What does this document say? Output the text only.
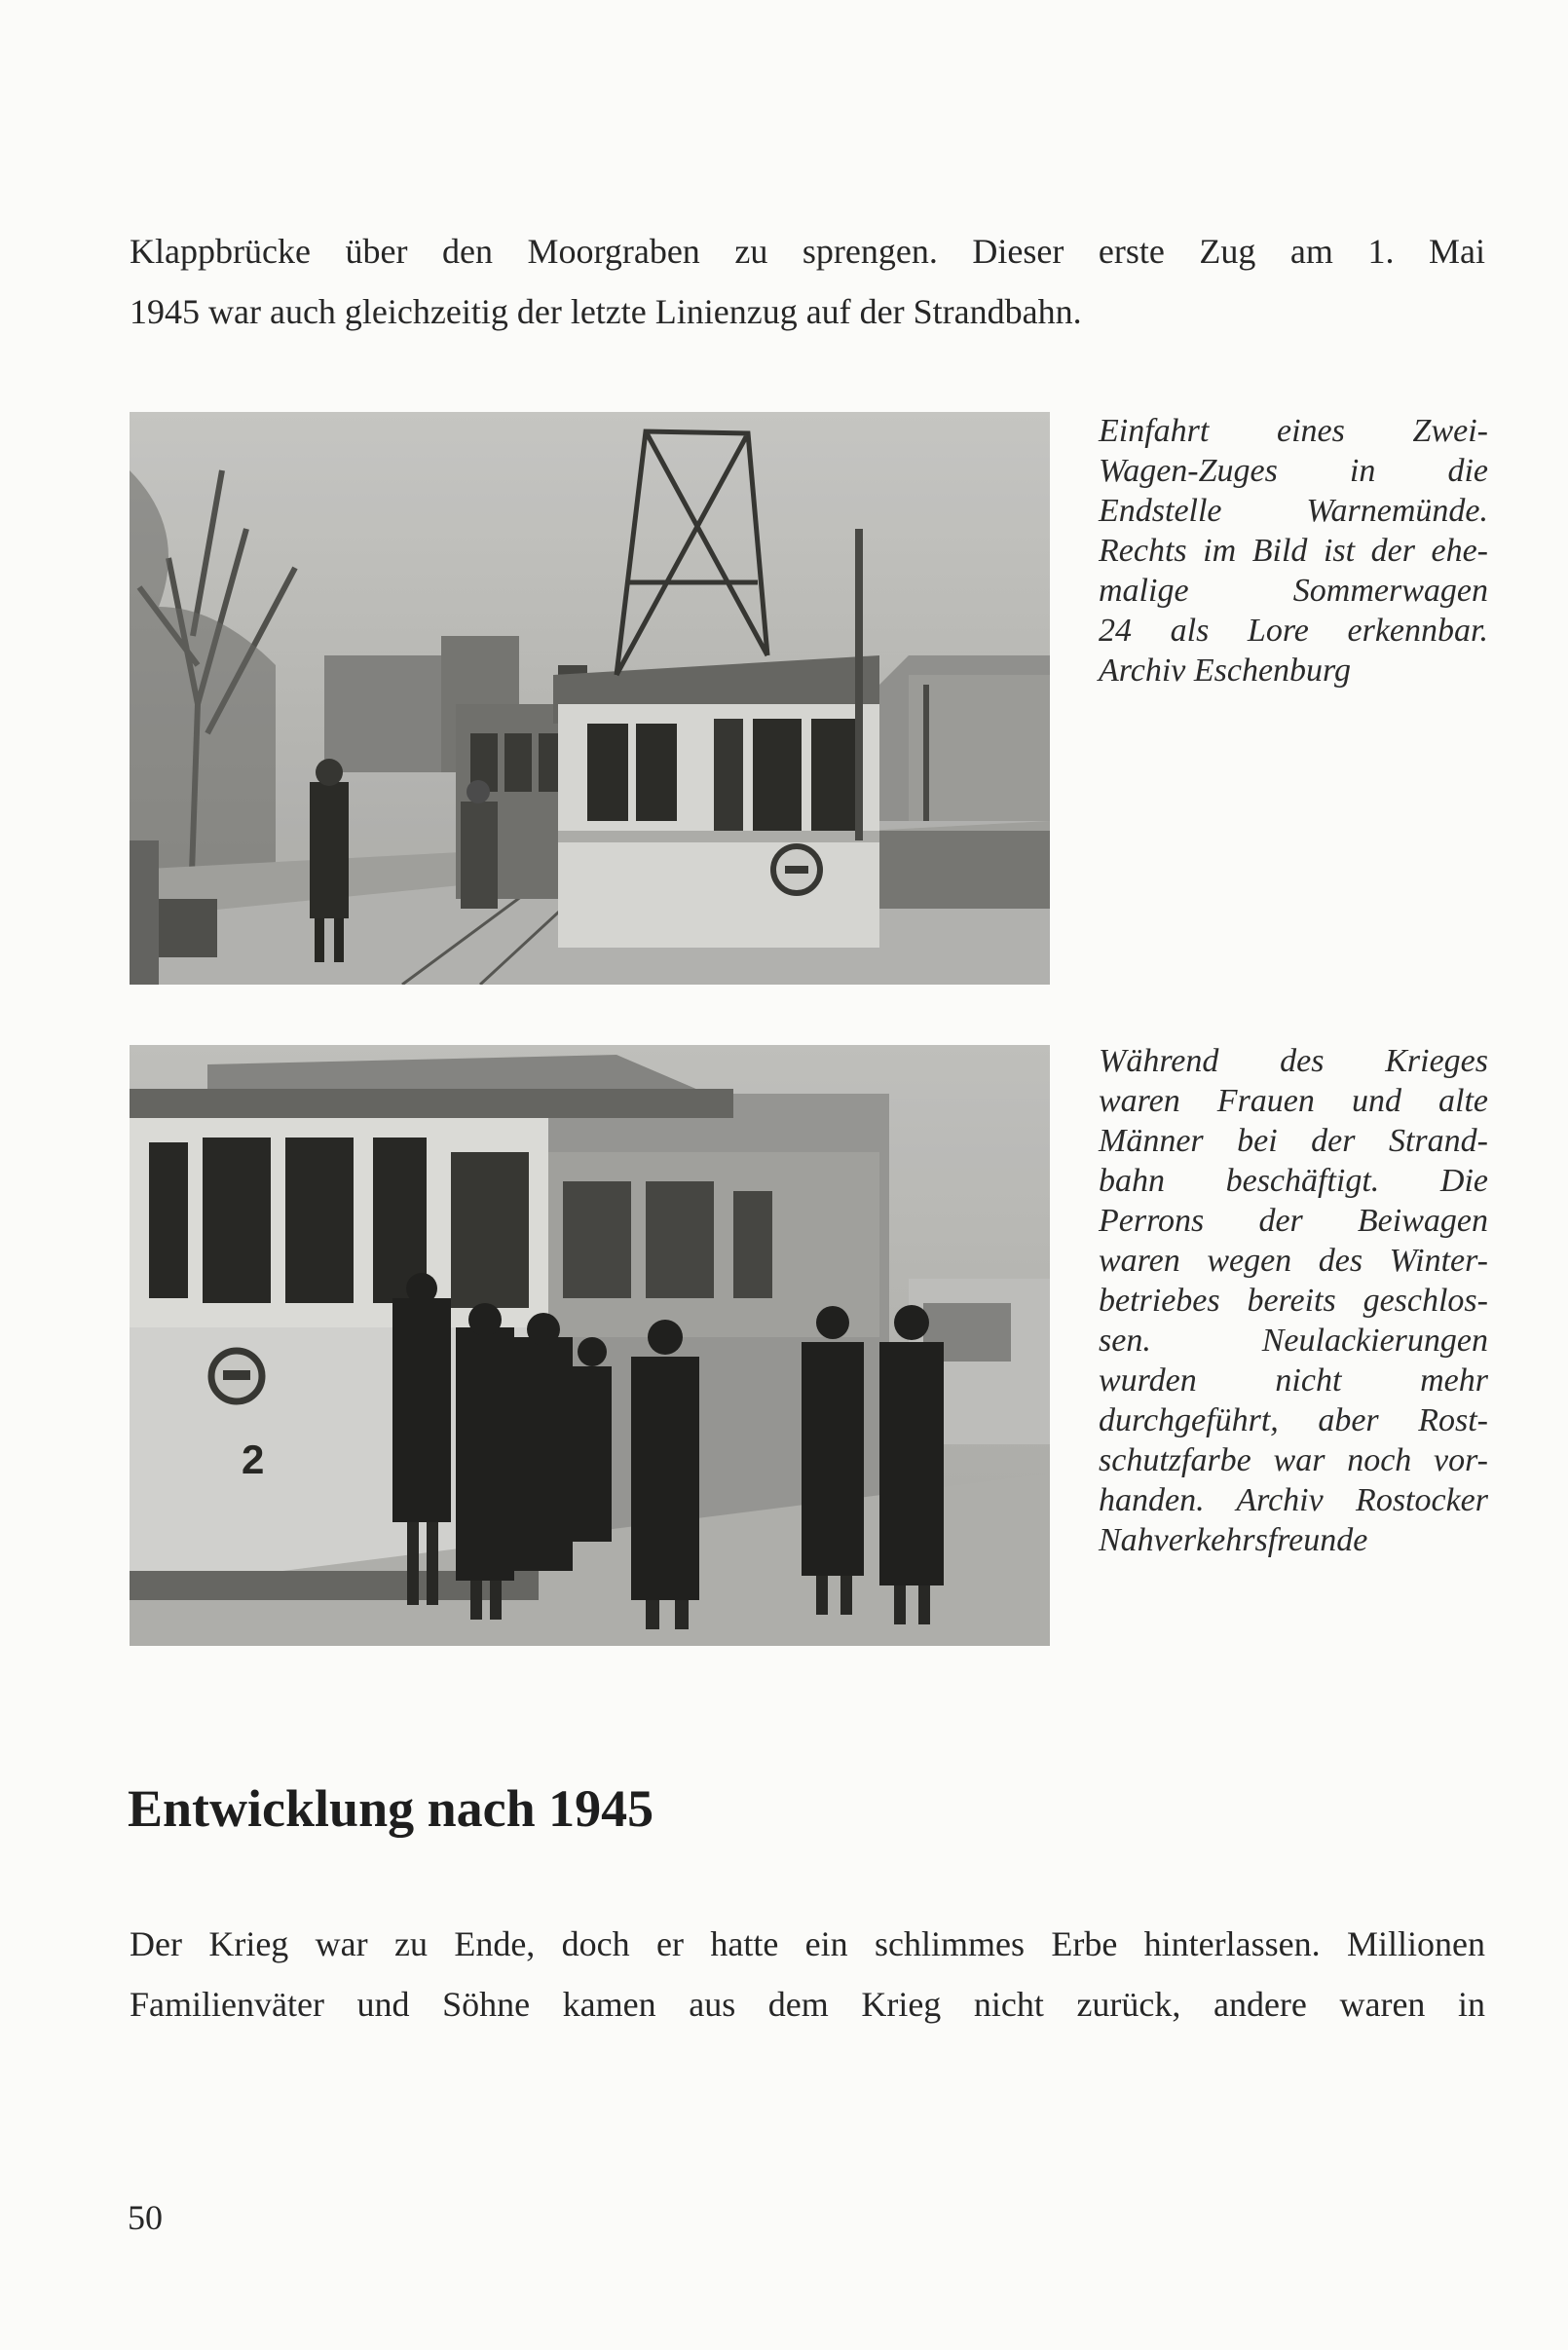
Klappbrücke über den Moorgraben zu sprengen. Dieser erste Zug am 1. Mai
1945 war auch gleichzeitig der letzte Linienzug auf der Strandbahn.

Einfahrt eines Zwei-
Wagen-Zuges in die
Endstelle Warnemünde.
Rechts im Bild ist der ehe-
malige Sommerwagen
24 als Lore erkennbar.
Archiv Eschenburg

2

Während des Krieges
waren Frauen und alte
Männer bei der Strand-
bahn beschäftigt. Die
Perrons der Beiwagen
waren wegen des Winter-
betriebes bereits geschlos-
sen. Neulackierungen
wurden nicht mehr
durchgeführt, aber Rost-
schutzfarbe war noch vor-
handen. Archiv Rostocker
Nahverkehrsfreunde

Entwicklung nach 1945

Der Krieg war zu Ende, doch er hatte ein schlimmes Erbe hinterlassen. Millionen
Familienväter und Söhne kamen aus dem Krieg nicht zurück, andere waren in

50
